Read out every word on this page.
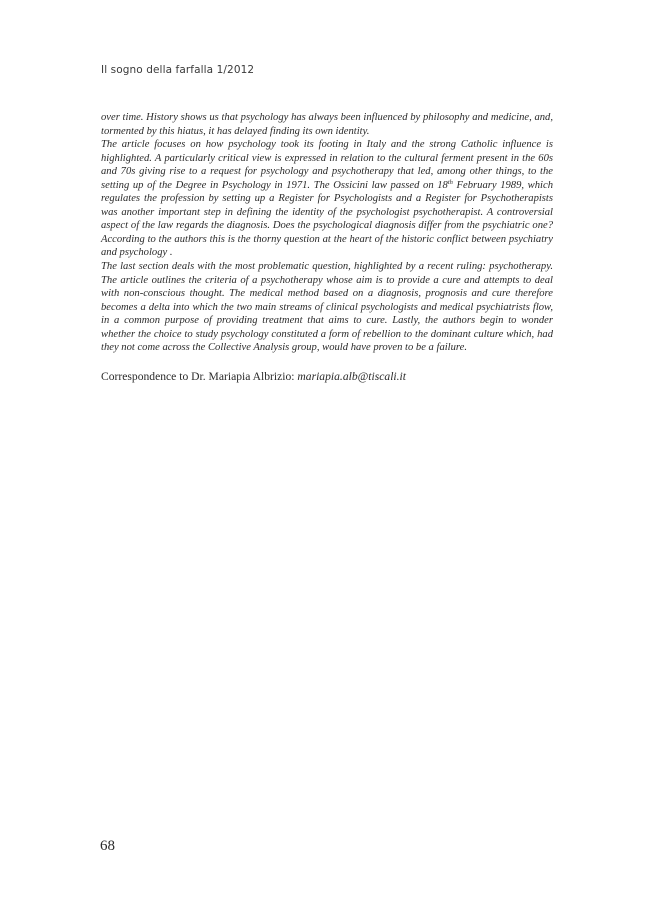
Il sogno della farfalla 1/2012

over time. History shows us that psychology has always been influenced by philosophy and medicine, and, tormented by this hiatus, it has delayed finding its own identity.

The article focuses on how psychology took its footing in Italy and the strong Catholic influence is highlighted. A particularly critical view is expressed in relation to the cultural ferment present in the 60s and 70s giving rise to a request for psychology and psychotherapy that led, among other things, to the setting up of the Degree in Psychology in 1971. The Ossicini law passed on 18th February 1989, which regulates the profession by setting up a Register for Psychologists and a Register for Psychotherapists was another important step in defining the identity of the psychologist psychotherapist. A controversial aspect of the law regards the diagnosis. Does the psychological diagnosis differ from the psychiatric one? According to the authors this is the thorny question at the heart of the historic conflict between psychiatry and psychology .

The last section deals with the most problematic question, highlighted by a recent ruling: psychotherapy. The article outlines the criteria of a psychotherapy whose aim is to provide a cure and attempts to deal with non-conscious thought. The medical method based on a diagnosis, prognosis and cure therefore becomes a delta into which the two main streams of clinical psychologists and medical psychiatrists flow, in a common purpose of providing treatment that aims to cure. Lastly, the authors begin to wonder whether the choice to study psychology constituted a form of rebellion to the dominant culture which, had they not come across the Collective Analysis group, would have proven to be a failure.

Correspondence to Dr. Mariapia Albrizio: mariapia.alb@tiscali.it
68
